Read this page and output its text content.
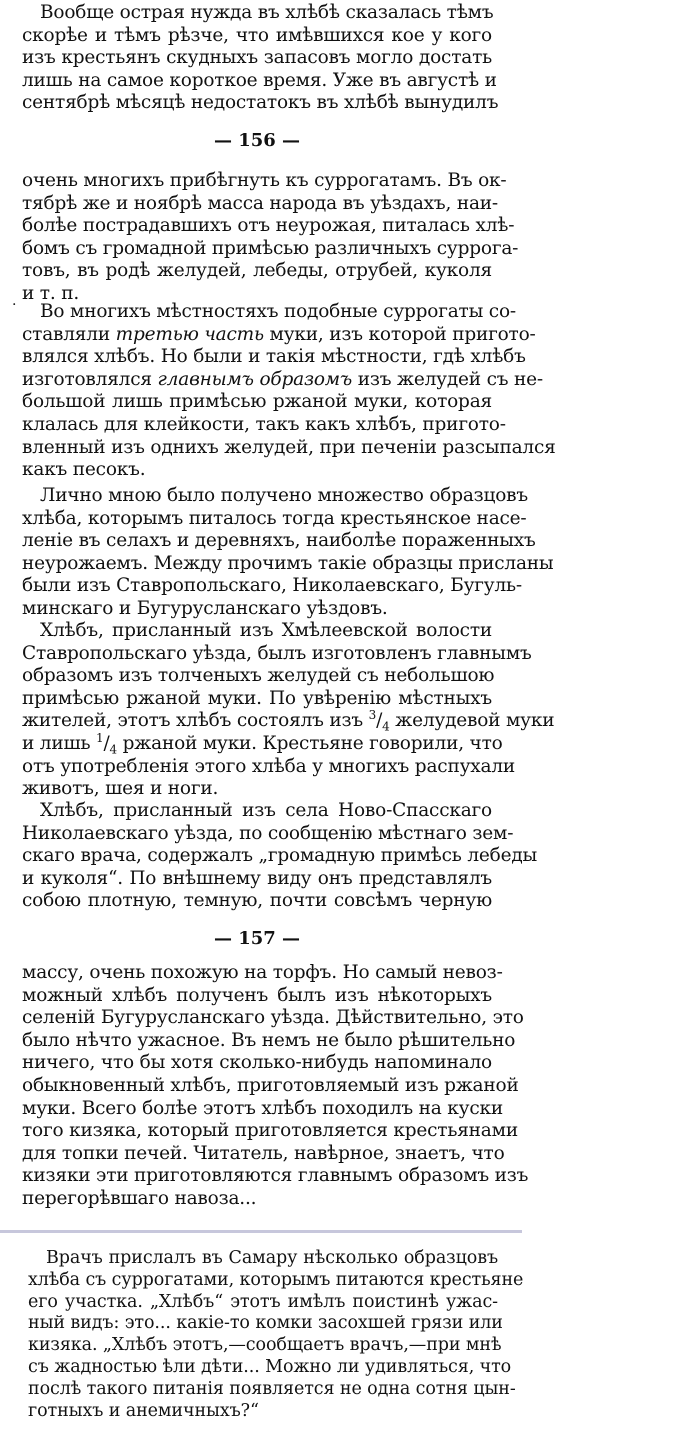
Вообще острая нужда въ хлѣбѣ сказалась тѣмъ
скорѣе и тѣмъ рѣзче, что имѣвшихся кое у кого
изъ крестьянъ скудныхъ запасовъ могло достать
лишь на самое короткое время. Уже въ августѣ и
сентябрѣ мѣсяцѣ недостатокъ въ хлѣбѣ вынудилъ
— 156 —
очень многихъ прибѣгнуть къ суррогатамъ. Въ ок-
тябрѣ же и ноябрѣ масса народа въ уѣздахъ, наи-
болѣе пострадавшихъ отъ неурожая, питалась хлѣ-
бомъ съ громадной примѣсью различныхъ суррога-
товъ, въ родѣ желудей, лебеды, отрубей, куколя
и т. п.
.	Во многихъ мѣстностяхъ подобные суррогаты со-
ставляли третью часть муки, изъ которой пригото-
влялся хлѣбъ. Но были и такія мѣстности, гдѣ хлѣбъ
изготовлялся главнымъ образомъ изъ желудей съ не-
большой лишь примѣсью ржаной муки, которая
клалась для клейкости, такъ какъ хлѣбъ, пригото-
вленный изъ однихъ желудей, при печеніи разсыпался
какъ песокъ.
Лично мною было получено множество образцовъ
хлѣба, которымъ питалось тогда крестьянское насе-
леніе въ селахъ и деревняхъ, наиболѣе пораженныхъ
неурожаемъ. Между прочимъ такіе образцы присланы
были изъ Ставропольскаго, Николаевскаго, Бугуль-
минскаго и Бугурусланскаго уѣздовъ.
Хлѣбъ, присланный изъ Хмѣлеевской волости
Ставропольскаго уѣзда, былъ изготовленъ главнымъ
образомъ изъ толченыхъ желудей съ небольшою
примѣсью ржаной муки. По увѣренію мѣстныхъ
жителей, этотъ хлѣбъ состоялъ изъ $^3/_4$ желудевой муки
и лишь $^1/_4$ ржаной муки. Крестьяне говорили, что
отъ употребленія этого хлѣба у многихъ распухали
животъ, шея и ноги.
Хлѣбъ, присланный изъ села Ново-Спасскаго
Николаевскаго уѣзда, по сообщенію мѣстнаго зем-
скаго врача, содержалъ „громадную примѣсь лебеды
и куколя“. По внѣшнему виду онъ представлялъ
собою плотную, темную, почти совсѣмъ черную
— 157 —
массу, очень похожую на торфъ. Но самый невоз-
можный хлѣбъ полученъ былъ изъ нѣкоторыхъ
селеній Бугурусланскаго уѣзда. Дѣйствительно, это
было нѣчто ужасное. Въ немъ не было рѣшительно
ничего, что бы хотя сколько-нибудь напоминало
обыкновенный хлѣбъ, приготовляемый изъ ржаной
муки. Всего болѣе этотъ хлѣбъ походилъ на куски
того кизяка, который приготовляется крестьянами
для топки печей. Читатель, навѣрное, знаетъ, что
кизяки эти приготовляются главнымъ образомъ изъ
перегорѣвшаго навоза...
Врачъ прислалъ въ Самару нѣсколько образцовъ
хлѣба съ суррогатами, которымъ питаются крестьяне
его участка. „Хлѣбъ“ этотъ имѣлъ поистинѣ ужас-
ный видъ: это... какіе-то комки засохшей грязи или
кизяка. „Хлѣбъ этотъ,—сообщаетъ врачъ,—при мнѣ
съ жадностью ѣли дѣти... Можно ли удивляться, что
послѣ такого питанія появляется не одна сотня цын-
готныхъ и анемичныхъ?“
